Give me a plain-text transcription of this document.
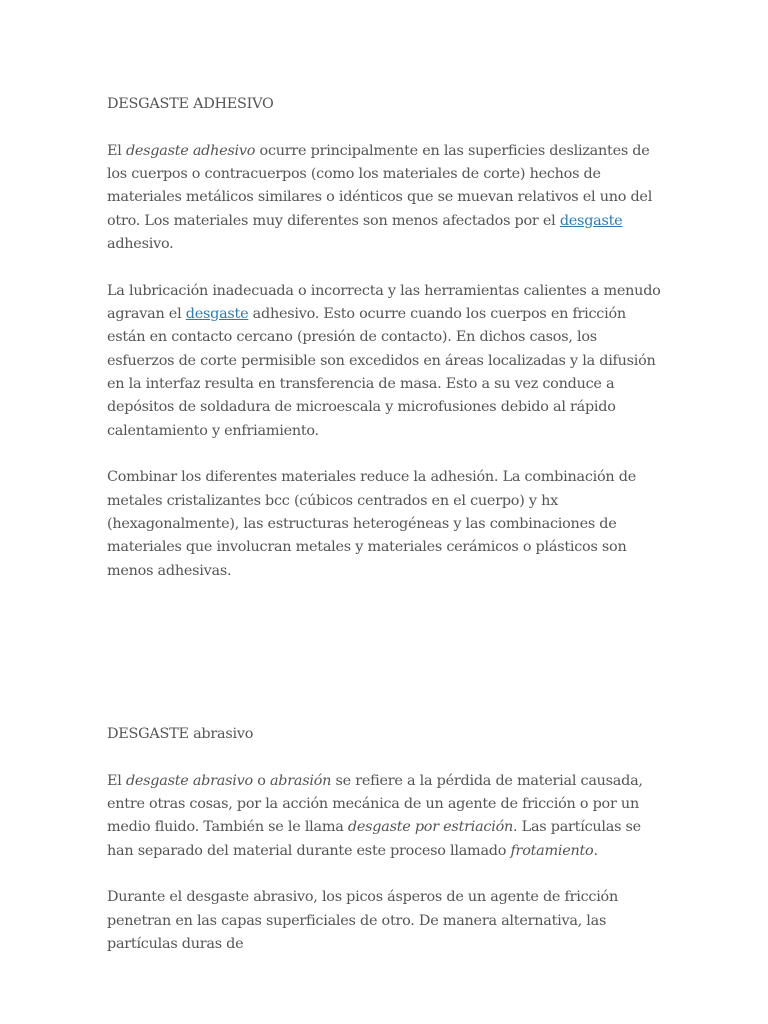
DESGASTE ADHESIVO

El desgaste adhesivo ocurre principalmente en las superficies deslizantes de los cuerpos o contracuerpos (como los materiales de corte) hechos de materiales metálicos similares o idénticos que se muevan relativos el uno del otro. Los materiales muy diferentes son menos afectados por el desgaste adhesivo.

La lubricación inadecuada o incorrecta y las herramientas calientes a menudo agravan el desgaste adhesivo. Esto ocurre cuando los cuerpos en fricción están en contacto cercano (presión de contacto). En dichos casos, los esfuerzos de corte permisible son excedidos en áreas localizadas y la difusión en la interfaz resulta en transferencia de masa. Esto a su vez conduce a depósitos de soldadura de microescala y microfusiones debido al rápido calentamiento y enfriamiento.

Combinar los diferentes materiales reduce la adhesión. La combinación de metales cristalizantes bcc (cúbicos centrados en el cuerpo) y hx (hexagonalmente), las estructuras heterogéneas y las combinaciones de materiales que involucran metales y materiales cerámicos o plásticos son menos adhesivas.

DESGASTE abrasivo

El desgaste abrasivo o abrasión se refiere a la pérdida de material causada, entre otras cosas, por la acción mecánica de un agente de fricción o por un medio fluido. También se le llama desgaste por estriación. Las partículas se han separado del material durante este proceso llamado frotamiento.

Durante el desgaste abrasivo, los picos ásperos de un agente de fricción penetran en las capas superficiales de otro. De manera alternativa, las partículas duras de
